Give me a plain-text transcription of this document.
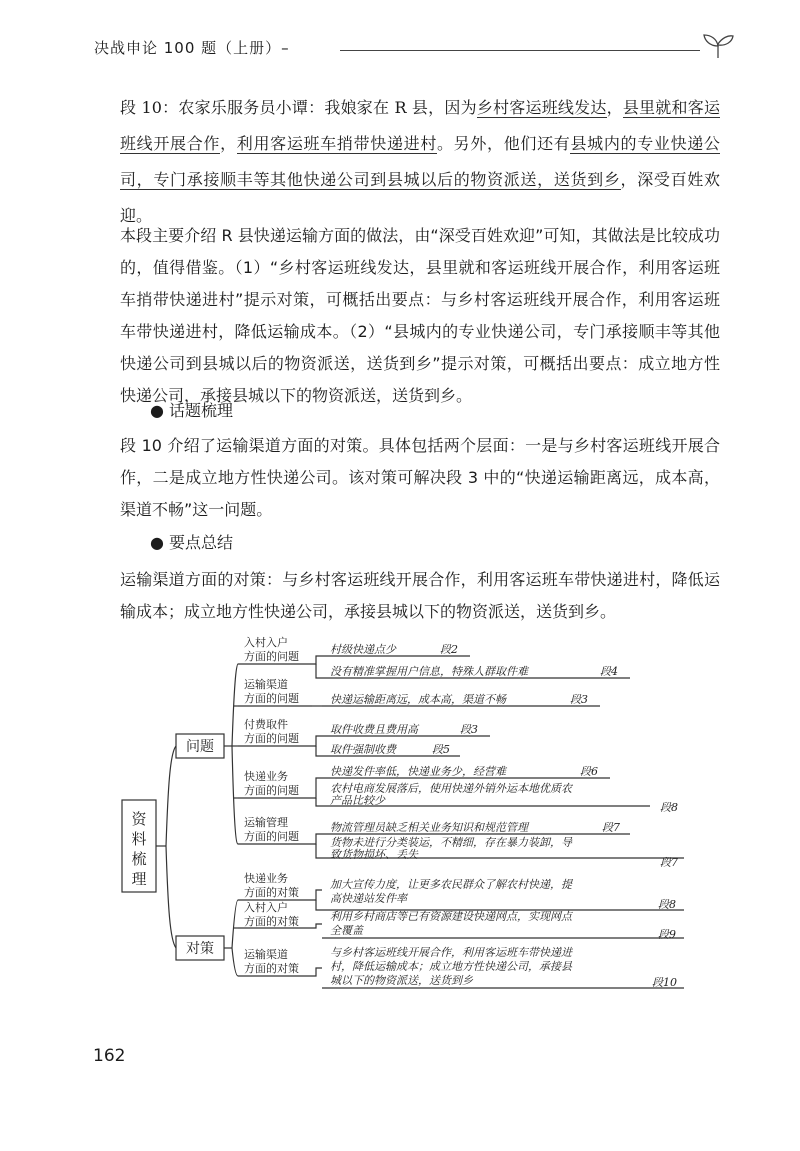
决战申论 100 题（上册）–
段 10：农家乐服务员小谭：我娘家在 R 县，因为乡村客运班线发达，县里就和客运班线开展合作，利用客运班车捎带快递进村。另外，他们还有县城内的专业快递公司，专门承接顺丰等其他快递公司到县城以后的物资派送，送货到乡，深受百姓欢迎。
本段主要介绍 R 县快递运输方面的做法，由“深受百姓欢迎”可知，其做法是比较成功的，值得借鉴。（1）“乡村客运班线发达，县里就和客运班线开展合作，利用客运班车捎带快递进村”提示对策，可概括出要点：与乡村客运班线开展合作，利用客运班车带快递进村，降低运输成本。（2）“县城内的专业快递公司，专门承接顺丰等其他快递公司到县城以后的物资派送，送货到乡”提示对策，可概括出要点：成立地方性快递公司，承接县城以下的物资派送，送货到乡。
● 话题梳理
段 10 介绍了运输渠道方面的对策。具体包括两个层面：一是与乡村客运班线开展合作，二是成立地方性快递公司。该对策可解决段 3 中的“快递运输距离远，成本高，渠道不畅”这一问题。
● 要点总结
运输渠道方面的对策：与乡村客运班线开展合作，利用客运班车带快递进村，降低运输成本；成立地方性快递公司，承接县城以下的物资派送，送货到乡。
资
料
梳
理
问题
对策
入村入户
方面的问题
运输渠道
方面的问题
付费取件
方面的问题
快递业务
方面的问题
运输管理
方面的问题
快递业务
方面的对策
入村入户
方面的对策
运输渠道
方面的对策
村级快递点少	段2
没有精准掌握用户信息，特殊人群取件难	段4
快递运输距离远，成本高，渠道不畅	段3
取件收费且费用高	段3
取件强制收费	段5
快递发件率低，快递业务少，经营难	段6
农村电商发展落后，使用快递外销外运本地优质农
产品比较少
段8
物流管理员缺乏相关业务知识和规范管理	段7
货物未进行分类装运，不精细，存在暴力装卸，导
致货物损坏、丢失
段7
加大宣传力度，让更多农民群众了解农村快递，提
高快递站发件率	段8
利用乡村商店等已有资源建设快递网点，实现网点
全覆盖	段9
与乡村客运班线开展合作，利用客运班车带快递进
村，降低运输成本；成立地方性快递公司，承接县
城以下的物资派送，送货到乡	段10
162
